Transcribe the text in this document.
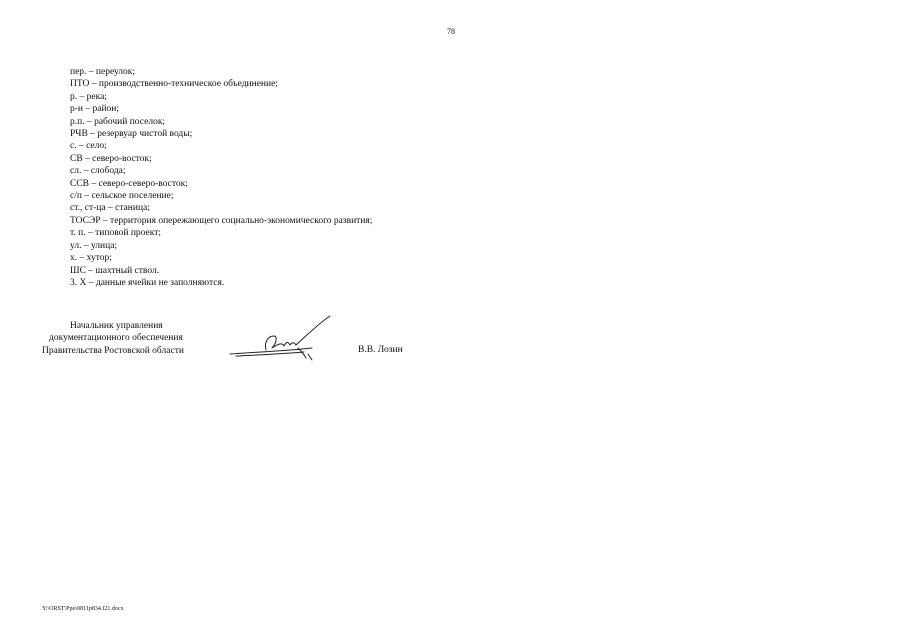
78
пер. – переулок;
ПТО – производственно-техническое объединение;
р. – река;
р-н – район;
р.п. – рабочий поселок;
РЧВ – резервуар чистой воды;
с. – село;
СВ – северо-восток;
сл. – слобода;
ССВ – северо-северо-восток;
с/п – сельское поселение;
ст., ст-ца – станица;
ТОСЭР – территория опережающего социально-экономического развития;
т. п. – типовой проект;
ул. – улица;
х. – хутор;
ШС – шахтный ствол.
3. Х – данные ячейки не заполняются.
Начальник управления
документационного обеспечения
Правительства Ростовской области	В.В. Лозин
Y:\ORST\Ppo\0811p834.f21.docx
